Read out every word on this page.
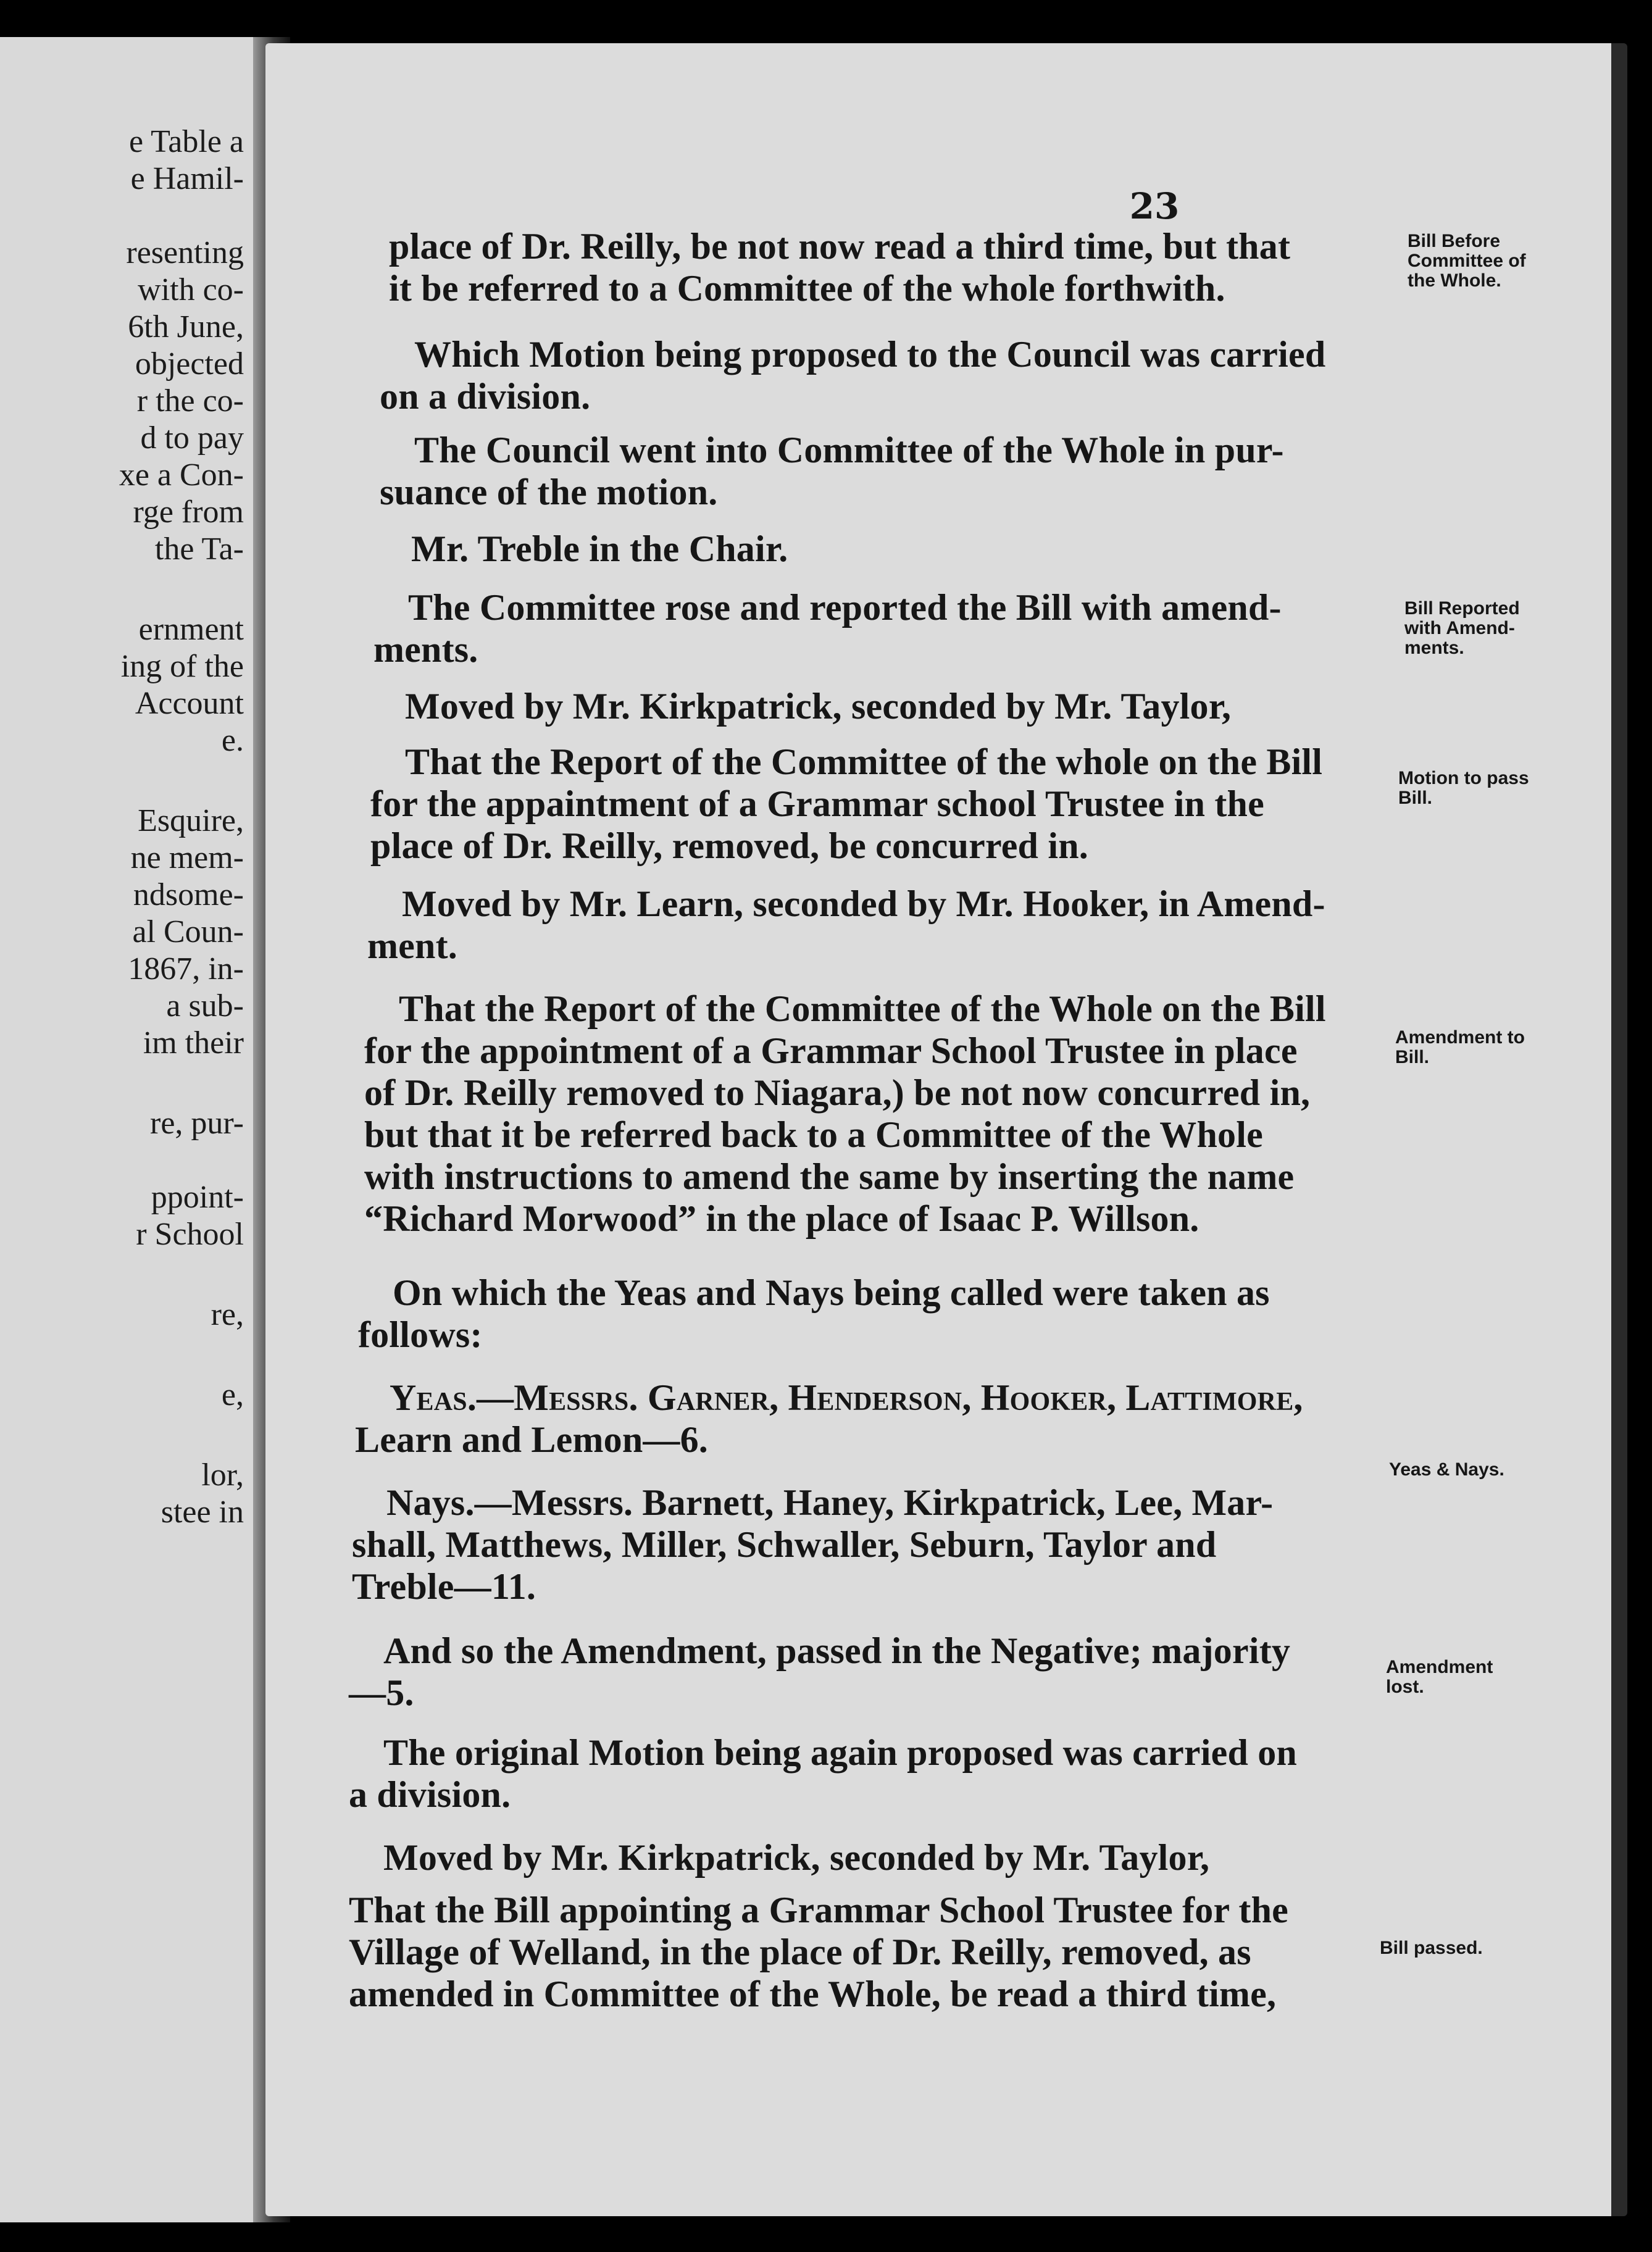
e Table a
e Hamil-
resenting
with co-
6th June,
objected
r the co-
d to pay
xe a Con-
rge from
the Ta-
ernment
ing of the
Account
e.
Esquire,
ne mem-
ndsome-
al Coun-
1867, in-
a sub-
im their
re, pur-
ppoint-
r School
re,
e,
lor,
stee in
23
place of Dr. Reilly, be not now read a third time, but that
it be referred to a Committee of the whole forthwith.
Which Motion being proposed to the Council was carried
on a division.
The Council went into Committee of the Whole in pur-
suance of the motion.
Mr. Treble in the Chair.
The Committee rose and reported the Bill with amend-
ments.
Moved by Mr. Kirkpatrick, seconded by Mr. Taylor,
That the Report of the Committee of the whole on the Bill
for the appaintment of a Grammar school Trustee in the
place of Dr. Reilly, removed, be concurred in.
Moved by Mr. Learn, seconded by Mr. Hooker, in Amend-
ment.
That the Report of the Committee of the Whole on the Bill
for the appointment of a Grammar School Trustee in place
of Dr. Reilly removed to Niagara,) be not now concurred in,
but that it be referred back to a Committee of the Whole
with instructions to amend the same by inserting the name
“Richard Morwood” in the place of Isaac P. Willson.
On which the Yeas and Nays being called were taken as
follows:
Yeas.—Messrs. Garner, Henderson, Hooker, Lattimore,
Learn and Lemon—6.
Nays.—Messrs. Barnett, Haney, Kirkpatrick, Lee, Mar-
shall, Matthews, Miller, Schwaller, Seburn, Taylor and
Treble—11.
And so the Amendment, passed in the Negative; majority
—5.
The original Motion being again proposed was carried on
a division.
Moved by Mr. Kirkpatrick, seconded by Mr. Taylor,
That the Bill appointing a Grammar School Trustee for the
Village of Welland, in the place of Dr. Reilly, removed, as
amended in Committee of the Whole, be read a third time,
Bill Before
Committee of
the Whole.
Bill Reported
with Amend-
ments.
Motion to pass
Bill.
Amendment to
Bill.
Yeas & Nays.
Amendment
lost.
Bill passed.
